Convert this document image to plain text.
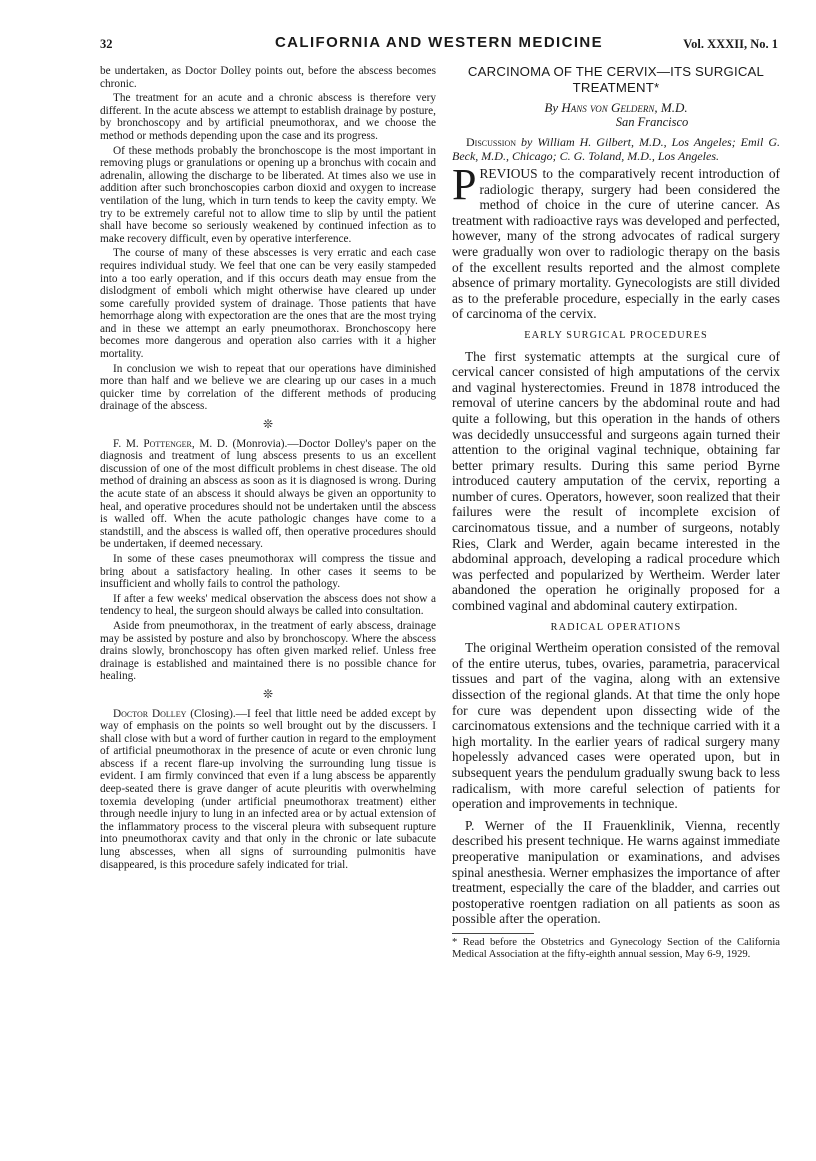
32	CALIFORNIA AND WESTERN MEDICINE	Vol. XXXII, No. 1

be undertaken, as Doctor Dolley points out, before the abscess becomes chronic.

The treatment for an acute and a chronic abscess is therefore very different. In the acute abscess we attempt to establish drainage by posture, by bronchoscopy and by artificial pneumothorax, and we choose the method or methods depending upon the case and its progress.

Of these methods probably the bronchoscope is the most important in removing plugs or granulations or opening up a bronchus with cocain and adrenalin, allowing the discharge to be liberated. At times also we use in addition after such bronchoscopies carbon dioxid and oxygen to increase ventilation of the lung, which in turn tends to keep the cavity empty. We try to be extremely careful not to allow time to slip by until the patient shall have become so seriously weakened by continued infection as to make recovery difficult, even by operative interference.

The course of many of these abscesses is very erratic and each case requires individual study. We feel that one can be very easily stampeded into a too early operation, and if this occurs death may ensue from the dislodgment of emboli which might otherwise have cleared up under some carefully provided system of drainage. Those patients that have hemorrhage along with expectoration are the ones that are the most trying and in these we attempt an early pneumothorax. Bronchoscopy here becomes more dangerous and operation also carries with it a higher mortality.

In conclusion we wish to repeat that our operations have diminished more than half and we believe we are clearing up our cases in a much quicker time by correlation of the different methods of producing drainage of the abscess.

❊

F. M. Pottenger, M. D. (Monrovia).—Doctor Dolley's paper on the diagnosis and treatment of lung abscess presents to us an excellent discussion of one of the most difficult problems in chest disease. The old method of draining an abscess as soon as it is diagnosed is wrong. During the acute state of an abscess it should always be given an opportunity to heal, and operative procedures should not be undertaken until the abscess is walled off. When the acute pathologic changes have come to a standstill, and the abscess is walled off, then operative procedures should be undertaken, if deemed necessary.

In some of these cases pneumothorax will compress the tissue and bring about a satisfactory healing. In other cases it seems to be insufficient and wholly fails to control the pathology.

If after a few weeks' medical observation the abscess does not show a tendency to heal, the surgeon should always be called into consultation.

Aside from pneumothorax, in the treatment of early abscess, drainage may be assisted by posture and also by bronchoscopy. Where the abscess drains slowly, bronchoscopy has often given marked relief. Unless free drainage is established and maintained there is no possible chance for healing.

❊

Doctor Dolley (Closing).—I feel that little need be added except by way of emphasis on the points so well brought out by the discussers. I shall close with but a word of further caution in regard to the employment of artificial pneumothorax in the presence of acute or even chronic lung abscess if a recent flare-up involving the surrounding lung tissue is evident. I am firmly convinced that even if a lung abscess be apparently deep-seated there is grave danger of acute pleuritis with overwhelming toxemia developing (under artificial pneumothorax treatment) either through needle injury to lung in an infected area or by actual extension of the inflammatory process to the visceral pleura with subsequent rupture into pneumothorax cavity and that only in the chronic or late subacute lung abscesses, when all signs of surrounding pulmonitis have disappeared, is this procedure safely indicated for trial.

CARCINOMA OF THE CERVIX—ITS SURGICAL TREATMENT*
By Hans von Geldern, M.D.
San Francisco
Discussion by William H. Gilbert, M.D., Los Angeles; Emil G. Beck, M.D., Chicago; C. G. Toland, M.D., Los Angeles.

PREVIOUS to the comparatively recent introduction of radiologic therapy, surgery had been considered the method of choice in the cure of uterine cancer. As treatment with radioactive rays was developed and perfected, however, many of the strong advocates of radical surgery were gradually won over to radiologic therapy on the basis of the excellent results reported and the almost complete absence of primary mortality. Gynecologists are still divided as to the preferable procedure, especially in the early cases of carcinoma of the cervix.

EARLY SURGICAL PROCEDURES

The first systematic attempts at the surgical cure of cervical cancer consisted of high amputations of the cervix and vaginal hysterectomies. Freund in 1878 introduced the removal of uterine cancers by the abdominal route and had quite a following, but this operation in the hands of others was decidedly unsuccessful and surgeons again turned their attention to the original vaginal technique, obtaining far better primary results. During this same period Byrne introduced cautery amputation of the cervix, reporting a number of cures. Operators, however, soon realized that their failures were the result of incomplete excision of carcinomatous tissue, and a number of surgeons, notably Ries, Clark and Werder, again became interested in the abdominal approach, developing a radical procedure which was perfected and popularized by Wertheim. Werder later abandoned the operation he originally proposed for a combined vaginal and abdominal cautery extirpation.

RADICAL OPERATIONS

The original Wertheim operation consisted of the removal of the entire uterus, tubes, ovaries, parametria, paracervical tissues and part of the vagina, along with an extensive dissection of the regional glands. At that time the only hope for cure was dependent upon dissecting wide of the carcinomatous extensions and the technique carried with it a high mortality. In the earlier years of radical surgery many hopelessly advanced cases were operated upon, but in subsequent years the pendulum gradually swung back to less radicalism, with more careful selection of patients for operation and improvements in technique.

P. Werner of the II Frauenklinik, Vienna, recently described his present technique. He warns against immediate preoperative manipulation or examinations, and advises spinal anesthesia. Werner emphasizes the importance of after treatment, especially the care of the bladder, and carries out postoperative roentgen radiation on all patients as soon as possible after the operation.

* Read before the Obstetrics and Gynecology Section of the California Medical Association at the fifty-eighth annual session, May 6-9, 1929.
